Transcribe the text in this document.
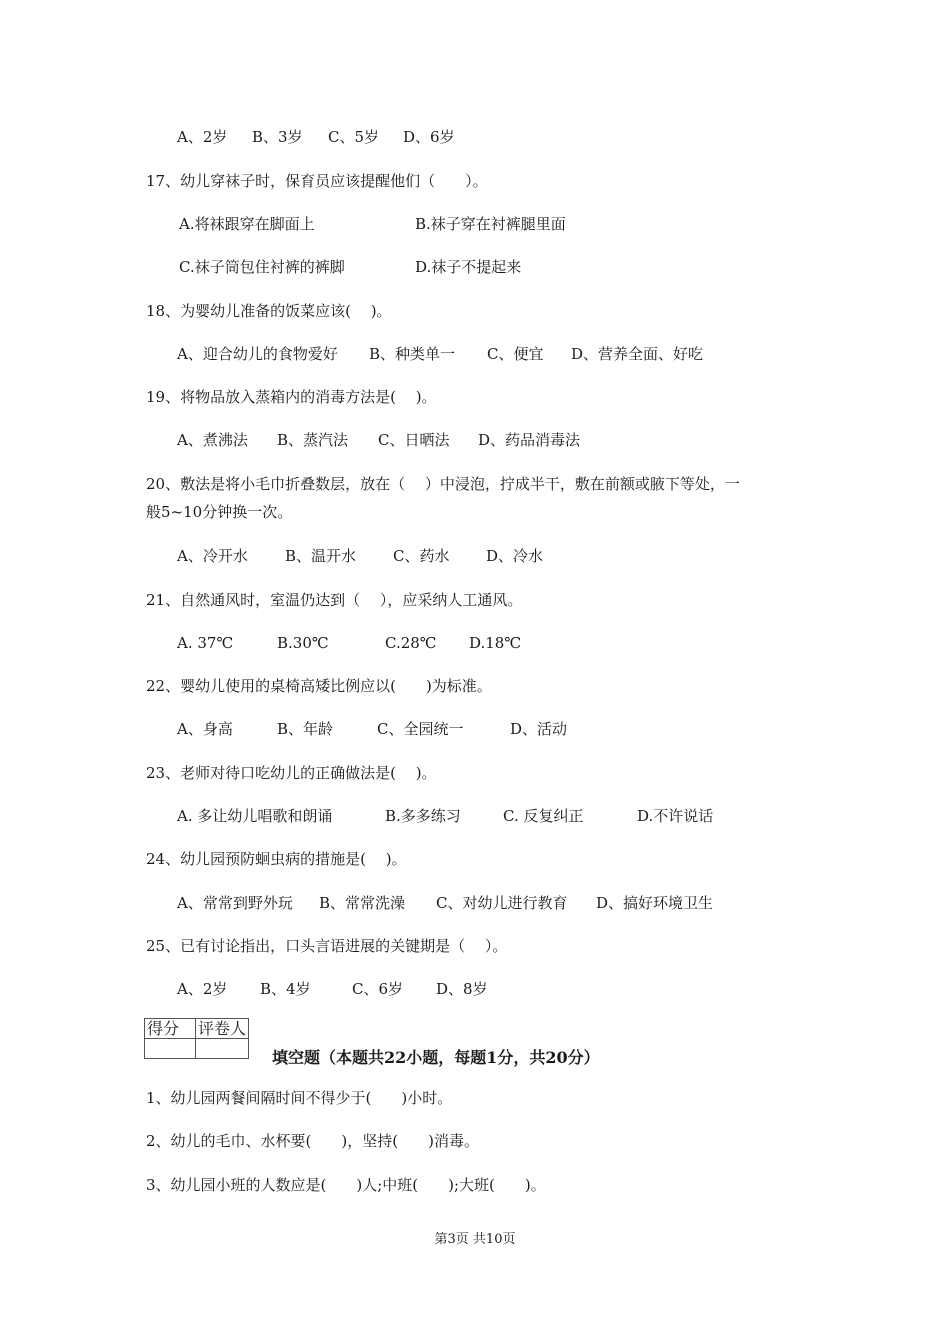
A、2岁 B、3岁 C、5岁 D、6岁
17、幼儿穿袜子时，保育员应该提醒他们（　　）。
A.将袜跟穿在脚面上	B.袜子穿在衬裤腿里面
C.袜子筒包住衬裤的裤脚	D.袜子不提起来
18、为婴幼儿准备的饭菜应该(　 )。
A、迎合幼儿的食物爱好 B、种类单一 C、便宜 D、营养全面、好吃
19、将物品放入蒸箱内的消毒方法是(　 )。
A、煮沸法 B、蒸汽法 C、日晒法 D、药品消毒法
20、敷法是将小毛巾折叠数层，放在（　 ）中浸泡，拧成半干，敷在前额或腋下等处，一
般5~10分钟换一次。
A、冷开水 B、温开水 C、药水 D、冷水
21、自然通风时，室温仍达到（　 ），应采纳人工通风。
A. 37℃	B.30℃	C.28℃ D.18℃
22、婴幼儿使用的桌椅高矮比例应以(　　)为标准。
A、身高	B、年龄	C、全园统一	D、活动
23、老师对待口吃幼儿的正确做法是(　 )。
A. 多让幼儿唱歌和朗诵	B.多多练习	C. 反复纠正	D.不许说话
24、幼儿园预防蛔虫病的措施是(　 )。
A、常常到野外玩 B、常常洗澡 C、对幼儿进行教育 D、搞好环境卫生
25、已有讨论指出，口头言语进展的关键期是（　 ）。
A、2岁 B、4岁	C、6岁 D、8岁
得分	评卷人

填空题（本题共22小题，每题1分，共20分）
1、幼儿园两餐间隔时间不得少于(　　)小时。
2、幼儿的毛巾、水杯要(　　)，坚持(　　)消毒。
3、幼儿园小班的人数应是(　　)人;中班(　　);大班(　　)。
第3页 共10页
